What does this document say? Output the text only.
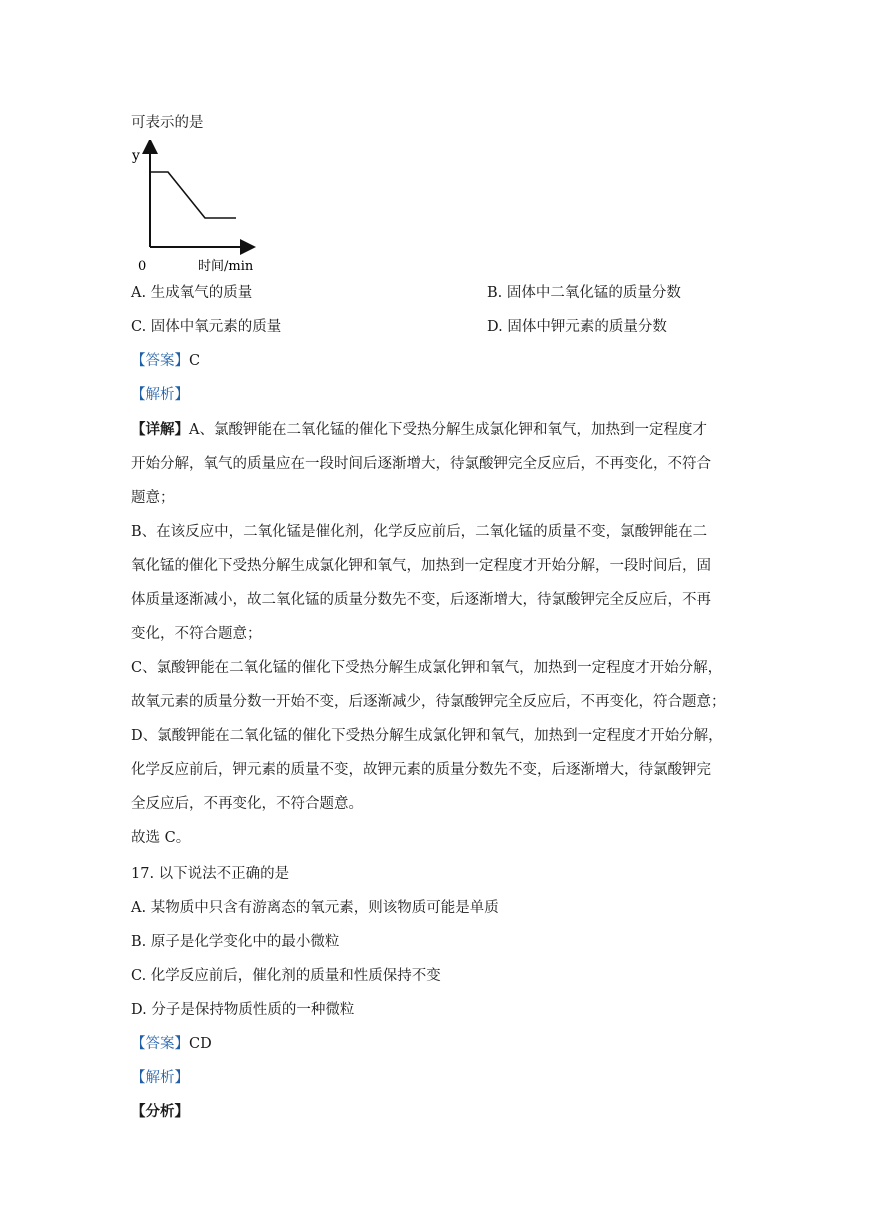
可表示的是
y
0	时间/min
A. 生成氧气的质量	B. 固体中二氧化锰的质量分数
C. 固体中氧元素的质量	D. 固体中钾元素的质量分数
【答案】C
【解析】
【详解】A、氯酸钾能在二氧化锰的催化下受热分解生成氯化钾和氧气，加热到一定程度才
开始分解，氧气的质量应在一段时间后逐渐增大，待氯酸钾完全反应后，不再变化，不符合
题意；
B、在该反应中，二氧化锰是催化剂，化学反应前后，二氧化锰的质量不变，氯酸钾能在二
氧化锰的催化下受热分解生成氯化钾和氧气，加热到一定程度才开始分解，一段时间后，固
体质量逐渐减小，故二氧化锰的质量分数先不变，后逐渐增大，待氯酸钾完全反应后，不再
变化，不符合题意；
C、氯酸钾能在二氧化锰的催化下受热分解生成氯化钾和氧气，加热到一定程度才开始分解，
故氧元素的质量分数一开始不变，后逐渐减少，待氯酸钾完全反应后，不再变化，符合题意；
D、氯酸钾能在二氧化锰的催化下受热分解生成氯化钾和氧气，加热到一定程度才开始分解，
化学反应前后，钾元素的质量不变，故钾元素的质量分数先不变，后逐渐增大，待氯酸钾完
全反应后，不再变化，不符合题意。
故选 C。
17. 以下说法不正确的是
A. 某物质中只含有游离态的氧元素，则该物质可能是单质
B. 原子是化学变化中的最小微粒
C. 化学反应前后，催化剂的质量和性质保持不变
D. 分子是保持物质性质的一种微粒
【答案】CD
【解析】
【分析】
